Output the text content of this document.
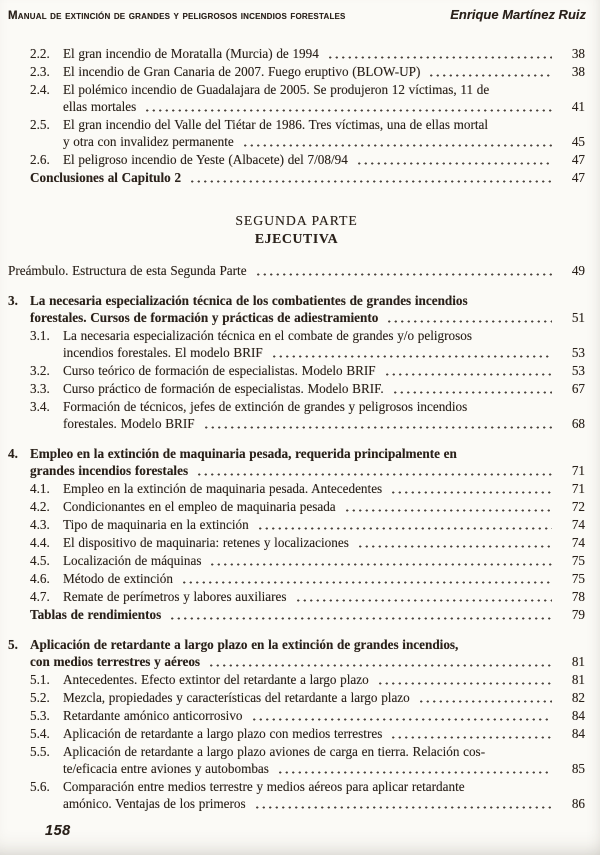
Manual de extinción de grandes y peligrosos incendios forestales	Enrique Martínez Ruiz
2.2.	El gran incendio de Moratalla (Murcia) de 1994	38
2.3.	El incendio de Gran Canaria de 2007. Fuego eruptivo (BLOW-UP)	38
2.4.	El polémico incendio de Guadalajara de 2005. Se produjeron 12 víctimas, 11 de
ellas mortales	41
2.5.	El gran incendio del Valle del Tiétar de 1986. Tres víctimas, una de ellas mortal
y otra con invalidez permanente	45
2.6.	El peligroso incendio de Yeste (Albacete) del 7/08/94	47
Conclusiones al Capitulo 2	47
SEGUNDA PARTE
EJECUTIVA
Preámbulo. Estructura de esta Segunda Parte	49
3. La necesaria especialización técnica de los combatientes de grandes incendios
forestales. Cursos de formación y prácticas de adiestramiento	51
3.1.	La necesaria especialización técnica en el combate de grandes y/o peligrosos
incendios forestales. El modelo BRIF	53
3.2.	Curso teórico de formación de especialistas. Modelo BRIF	53
3.3.	Curso práctico de formación de especialistas. Modelo BRIF.	67
3.4.	Formación de técnicos, jefes de extinción de grandes y peligrosos incendios
forestales. Modelo BRIF	68
4. Empleo en la extinción de maquinaria pesada, requerida principalmente en
grandes incendios forestales	71
4.1.	Empleo en la extinción de maquinaria pesada. Antecedentes	71
4.2.	Condicionantes en el empleo de maquinaria pesada	72
4.3.	Tipo de maquinaria en la extinción	74
4.4.	El dispositivo de maquinaria: retenes y localizaciones	74
4.5.	Localización de máquinas	75
4.6.	Método de extinción	75
4.7.	Remate de perímetros y labores auxiliares	78
Tablas de rendimientos	79
5. Aplicación de retardante a largo plazo en la extinción de grandes incendios,
con medios terrestres y aéreos	81
5.1.	Antecedentes. Efecto extintor del retardante a largo plazo	81
5.2.	Mezcla, propiedades y características del retardante a largo plazo	82
5.3.	Retardante amónico anticorrosivo	84
5.4.	Aplicación de retardante a largo plazo con medios terrestres	84
5.5.	Aplicación de retardante a largo plazo aviones de carga en tierra. Relación cos-
te/eficacia entre aviones y autobombas	85
5.6.	Comparación entre medios terrestre y medios aéreos para aplicar retardante
amónico. Ventajas de los primeros	86
158
